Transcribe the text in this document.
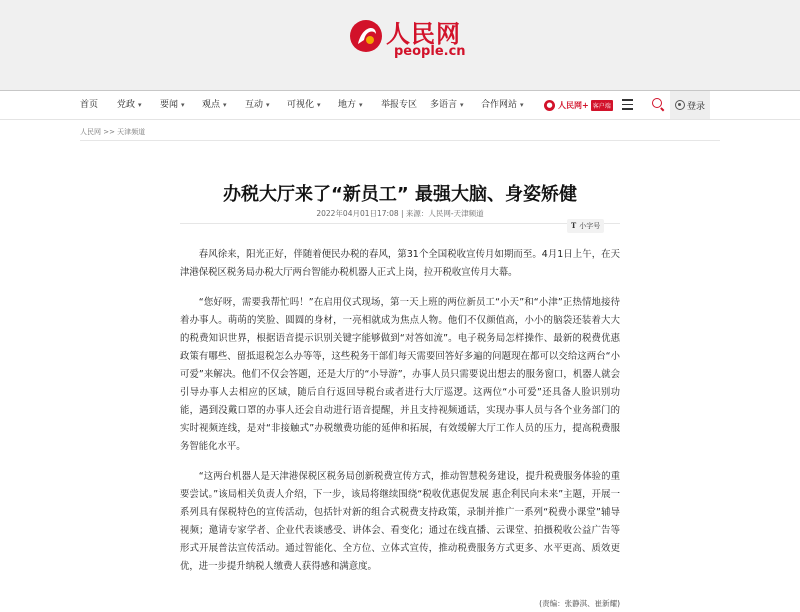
人民网
people.cn
首页 党政 ▾ 要闻 ▾ 观点 ▾ 互动 ▾ 可视化 ▾ 地方 ▾ 举报专区 多语言 ▾ 合作网站 ▾	● 人民网+ 客户端	登录
人民网 >> 天津频道
办税大厅来了“新员工” 最强大脑、身姿矫健
2022年04月01日17:08 | 来源：人民网-天津频道
T 小字号

春风徐来，阳光正好，伴随着便民办税的春风，第31个全国税收宣传月如期而至。4月1日上午，在天津港保税区税务局办税大厅两台智能办税机器人正式上岗，拉开税收宣传月大幕。

“您好呀，需要我帮忙吗！”在启用仪式现场，第一天上班的两位新员工“小天”和“小津”正热情地接待着办事人。萌萌的笑脸、圆圆的身材，一亮相就成为焦点人物。他们不仅颜值高，小小的脑袋还装着大大的税费知识世界，根据语音提示识别关键字能够做到“对答如流”。电子税务局怎样操作、最新的税费优惠政策有哪些、留抵退税怎么办等等，这些税务干部们每天需要回答好多遍的问题现在都可以交给这两台“小可爱”来解决。他们不仅会答题，还是大厅的“小导游”，办事人员只需要说出想去的服务窗口，机器人就会引导办事人去相应的区域，随后自行返回导税台或者进行大厅巡逻。这两位“小可爱”还具备人脸识别功能，遇到没戴口罩的办事人还会自动进行语音提醒，并且支持视频通话，实现办事人员与各个业务部门的实时视频连线，是对“非接触式”办税缴费功能的延伸和拓展，有效缓解大厅工作人员的压力，提高税费服务智能化水平。

“这两台机器人是天津港保税区税务局创新税费宣传方式，推动智慧税务建设，提升税费服务体验的重要尝试。”该局相关负责人介绍，下一步，该局将继续围绕“税收优惠促发展 惠企利民向未来”主题，开展一系列具有保税特色的宣传活动，包括针对新的组合式税费支持政策，录制并推广一系列“税费小课堂”辅导视频；邀请专家学者、企业代表谈感受、讲体会、看变化；通过在线直播、云课堂、拍摄税收公益广告等形式开展普法宣传活动。通过智能化、全方位、立体式宣传，推动税费服务方式更多、水平更高、质效更优，进一步提升纳税人缴费人获得感和满意度。

(责编：张静淇、崔新耀)
